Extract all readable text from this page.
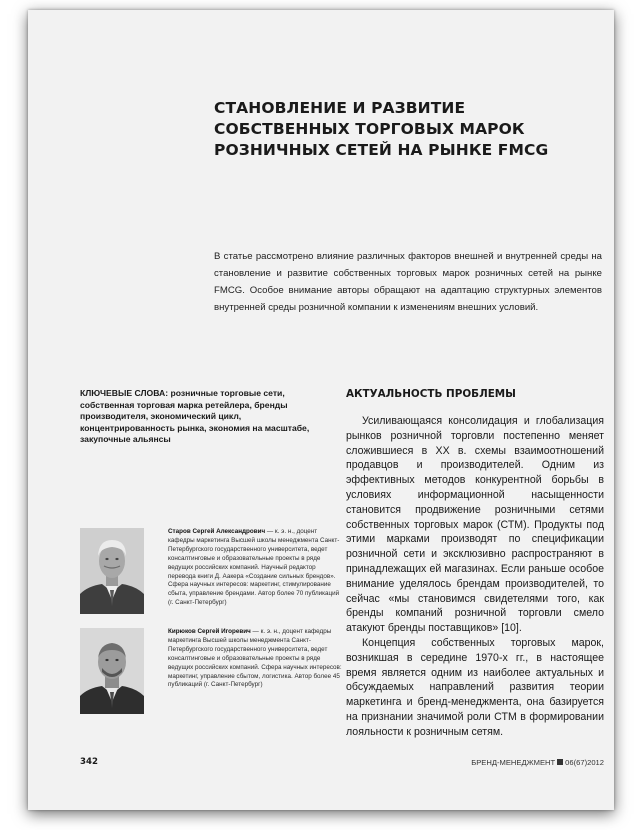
СТАНОВЛЕНИЕ И РАЗВИТИЕ СОБСТВЕННЫХ ТОРГОВЫХ МАРОК РОЗНИЧНЫХ СЕТЕЙ НА РЫНКЕ FMCG

В статье рассмотрено влияние различных факторов внешней и внутренней среды на становление и развитие собственных торговых марок розничных сетей на рынке FMCG. Особое внимание авторы обращают на адаптацию структурных элементов внутренней среды розничной компании к изменениям внешних условий.

КЛЮЧЕВЫЕ СЛОВА: розничные торговые сети, собственная торговая марка ретейлера, бренды производителя, экономический цикл, концентрированность рынка, экономия на масштабе, закупочные альянсы

АКТУАЛЬНОСТЬ ПРОБЛЕМЫ

Усиливающаяся консолидация и глобализация рынков розничной торговли постепенно меняет сложившиеся в XX в. схемы взаимоотношений продавцов и производителей. Одним из эффективных методов конкурентной борьбы в условиях информационной насыщенности становится продвижение розничными сетями собственных торговых марок (СТМ). Продукты под этими марками производят по спецификации розничной сети и эксклюзивно распространяют в принадлежащих ей магазинах. Если раньше особое внимание уделялось брендам производителей, то сейчас «мы становимся свидетелями того, как бренды компаний розничной торговли смело атакуют бренды поставщиков» [10].

Концепция собственных торговых марок, возникшая в середине 1970-х гг., в настоящее время является одним из наиболее актуальных и обсуждаемых направлений развития теории маркетинга и бренд-менеджмента, она базируется на признании значимой роли СТМ в формировании лояльности к розничным сетям.

Старов Сергей Александрович — к. э. н., доцент кафедры маркетинга Высшей школы менеджмента Санкт-Петербургского государственного университета, ведет консалтинговые и образовательные проекты в ряде ведущих российских компаний. Научный редактор перевода книги Д. Аакера «Создание сильных брендов». Сфера научных интересов: маркетинг, стимулирование сбыта, управление брендами. Автор более 70 публикаций (г. Санкт-Петербург)

Кирюков Сергей Игоревич — к. э. н., доцент кафедры маркетинга Высшей школы менеджмента Санкт-Петербургского государственного университета, ведет консалтинговые и образовательные проекты в ряде ведущих российских компаний. Сфера научных интересов: маркетинг, управление сбытом, логистика. Автор более 45 публикаций (г. Санкт-Петербург)

342	БРЕНД-МЕНЕДЖМЕНТ 06(67)2012
